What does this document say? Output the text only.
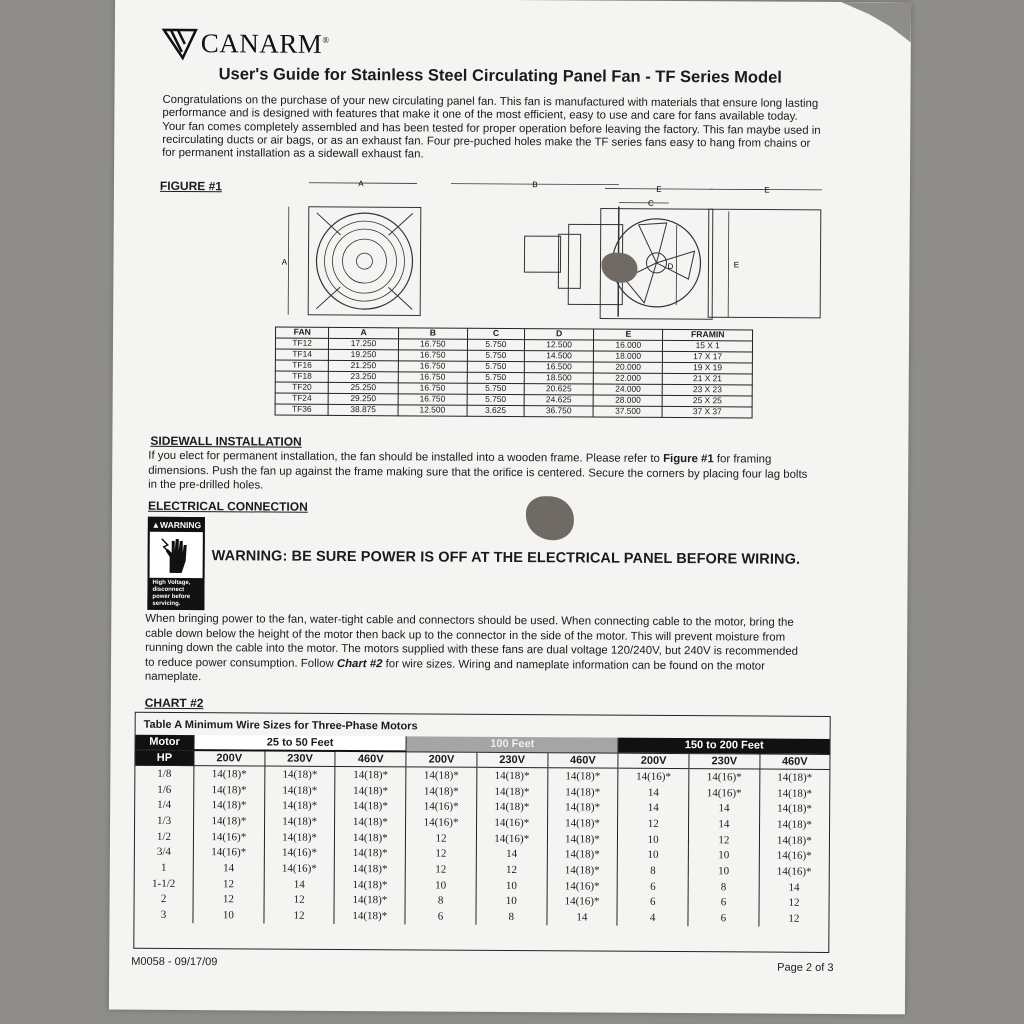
CANARM®
User's Guide for Stainless Steel Circulating Panel Fan - TF Series Model
Congratulations on the purchase of your new circulating panel fan. This fan is manufactured with materials that ensure long lasting
performance and is designed with features that make it one of the most efficient, easy to use and care for fans available today.
Your fan comes completely assembled and has been tested for proper operation before leaving the factory. This fan maybe used in
recirculating ducts or air bags, or as an exhaust fan. Four pre-puched holes make the TF series fans easy to hang from chains or
for permanent installation as a sidewall exhaust fan.
FIGURE #1	A
A
B
C
D
E
E
E
FAN	A	B	C	D	E	FRAMIN
TF12	17.250	16.750	5.750	12.500	16.000	15 X 1
TF14	19.250	16.750	5.750	14.500	18.000	17 X 17
TF16	21.250	16.750	5.750	16.500	20.000	19 X 19
TF18	23.250	16.750	5.750	18.500	22.000	21 X 21
TF20	25.250	16.750	5.750	20.625	24.000	23 X 23
TF24	29.250	16.750	5.750	24.625	28.000	25 X 25
TF36	38.875	12.500	3.625	36.750	37.500	37 X 37
SIDEWALL INSTALLATION
If you elect for permanent installation, the fan should be installed into a wooden frame. Please refer to Figure #1 for framing
dimensions. Push the fan up against the frame making sure that the orifice is centered. Secure the corners by placing four lag bolts
in the pre-drilled holes.
ELECTRICAL CONNECTION
▲WARNING
High Voltage,
disconnect
power before
servicing.
WARNING: BE SURE POWER IS OFF AT THE ELECTRICAL PANEL BEFORE WIRING.
When bringing power to the fan, water-tight cable and connectors should be used. When connecting cable to the motor, bring the
cable down below the height of the motor then back up to the connector in the side of the motor. This will prevent moisture from
running down the cable into the motor. The motors supplied with these fans are dual voltage 120/240V, but 240V is recommended
to reduce power consumption. Follow Chart #2 for wire sizes. Wiring and nameplate information can be found on the motor
nameplate.
CHART #2
Table A Minimum Wire Sizes for Three-Phase Motors
Motor	25 to 50 Feet			100 Feet			150 to 200 Feet		
HP	200V	230V	460V	200V	230V	460V	200V	230V	460V
1/8	14(18)*	14(18)*	14(18)*	14(18)*	14(18)*	14(18)*	14(16)*	14(16)*	14(18)*
1/6	14(18)*	14(18)*	14(18)*	14(18)*	14(18)*	14(18)*	14	14(16)*	14(18)*
1/4	14(18)*	14(18)*	14(18)*	14(16)*	14(18)*	14(18)*	14	14	14(18)*
1/3	14(18)*	14(18)*	14(18)*	14(16)*	14(16)*	14(18)*	12	14	14(18)*
1/2	14(16)*	14(18)*	14(18)*	12	14(16)*	14(18)*	10	12	14(18)*
3/4	14(16)*	14(16)*	14(18)*	12	14	14(18)*	10	10	14(16)*
1	14	14(16)*	14(18)*	12	12	14(18)*	8	10	14(16)*
1-1/2	12	14	14(18)*	10	10	14(16)*	6	8	14
2	12	12	14(18)*	8	10	14(16)*	6	6	12
3	10	12	14(18)*	6	8	14	4	6	12
M0058 - 09/17/09	Page 2 of 3
